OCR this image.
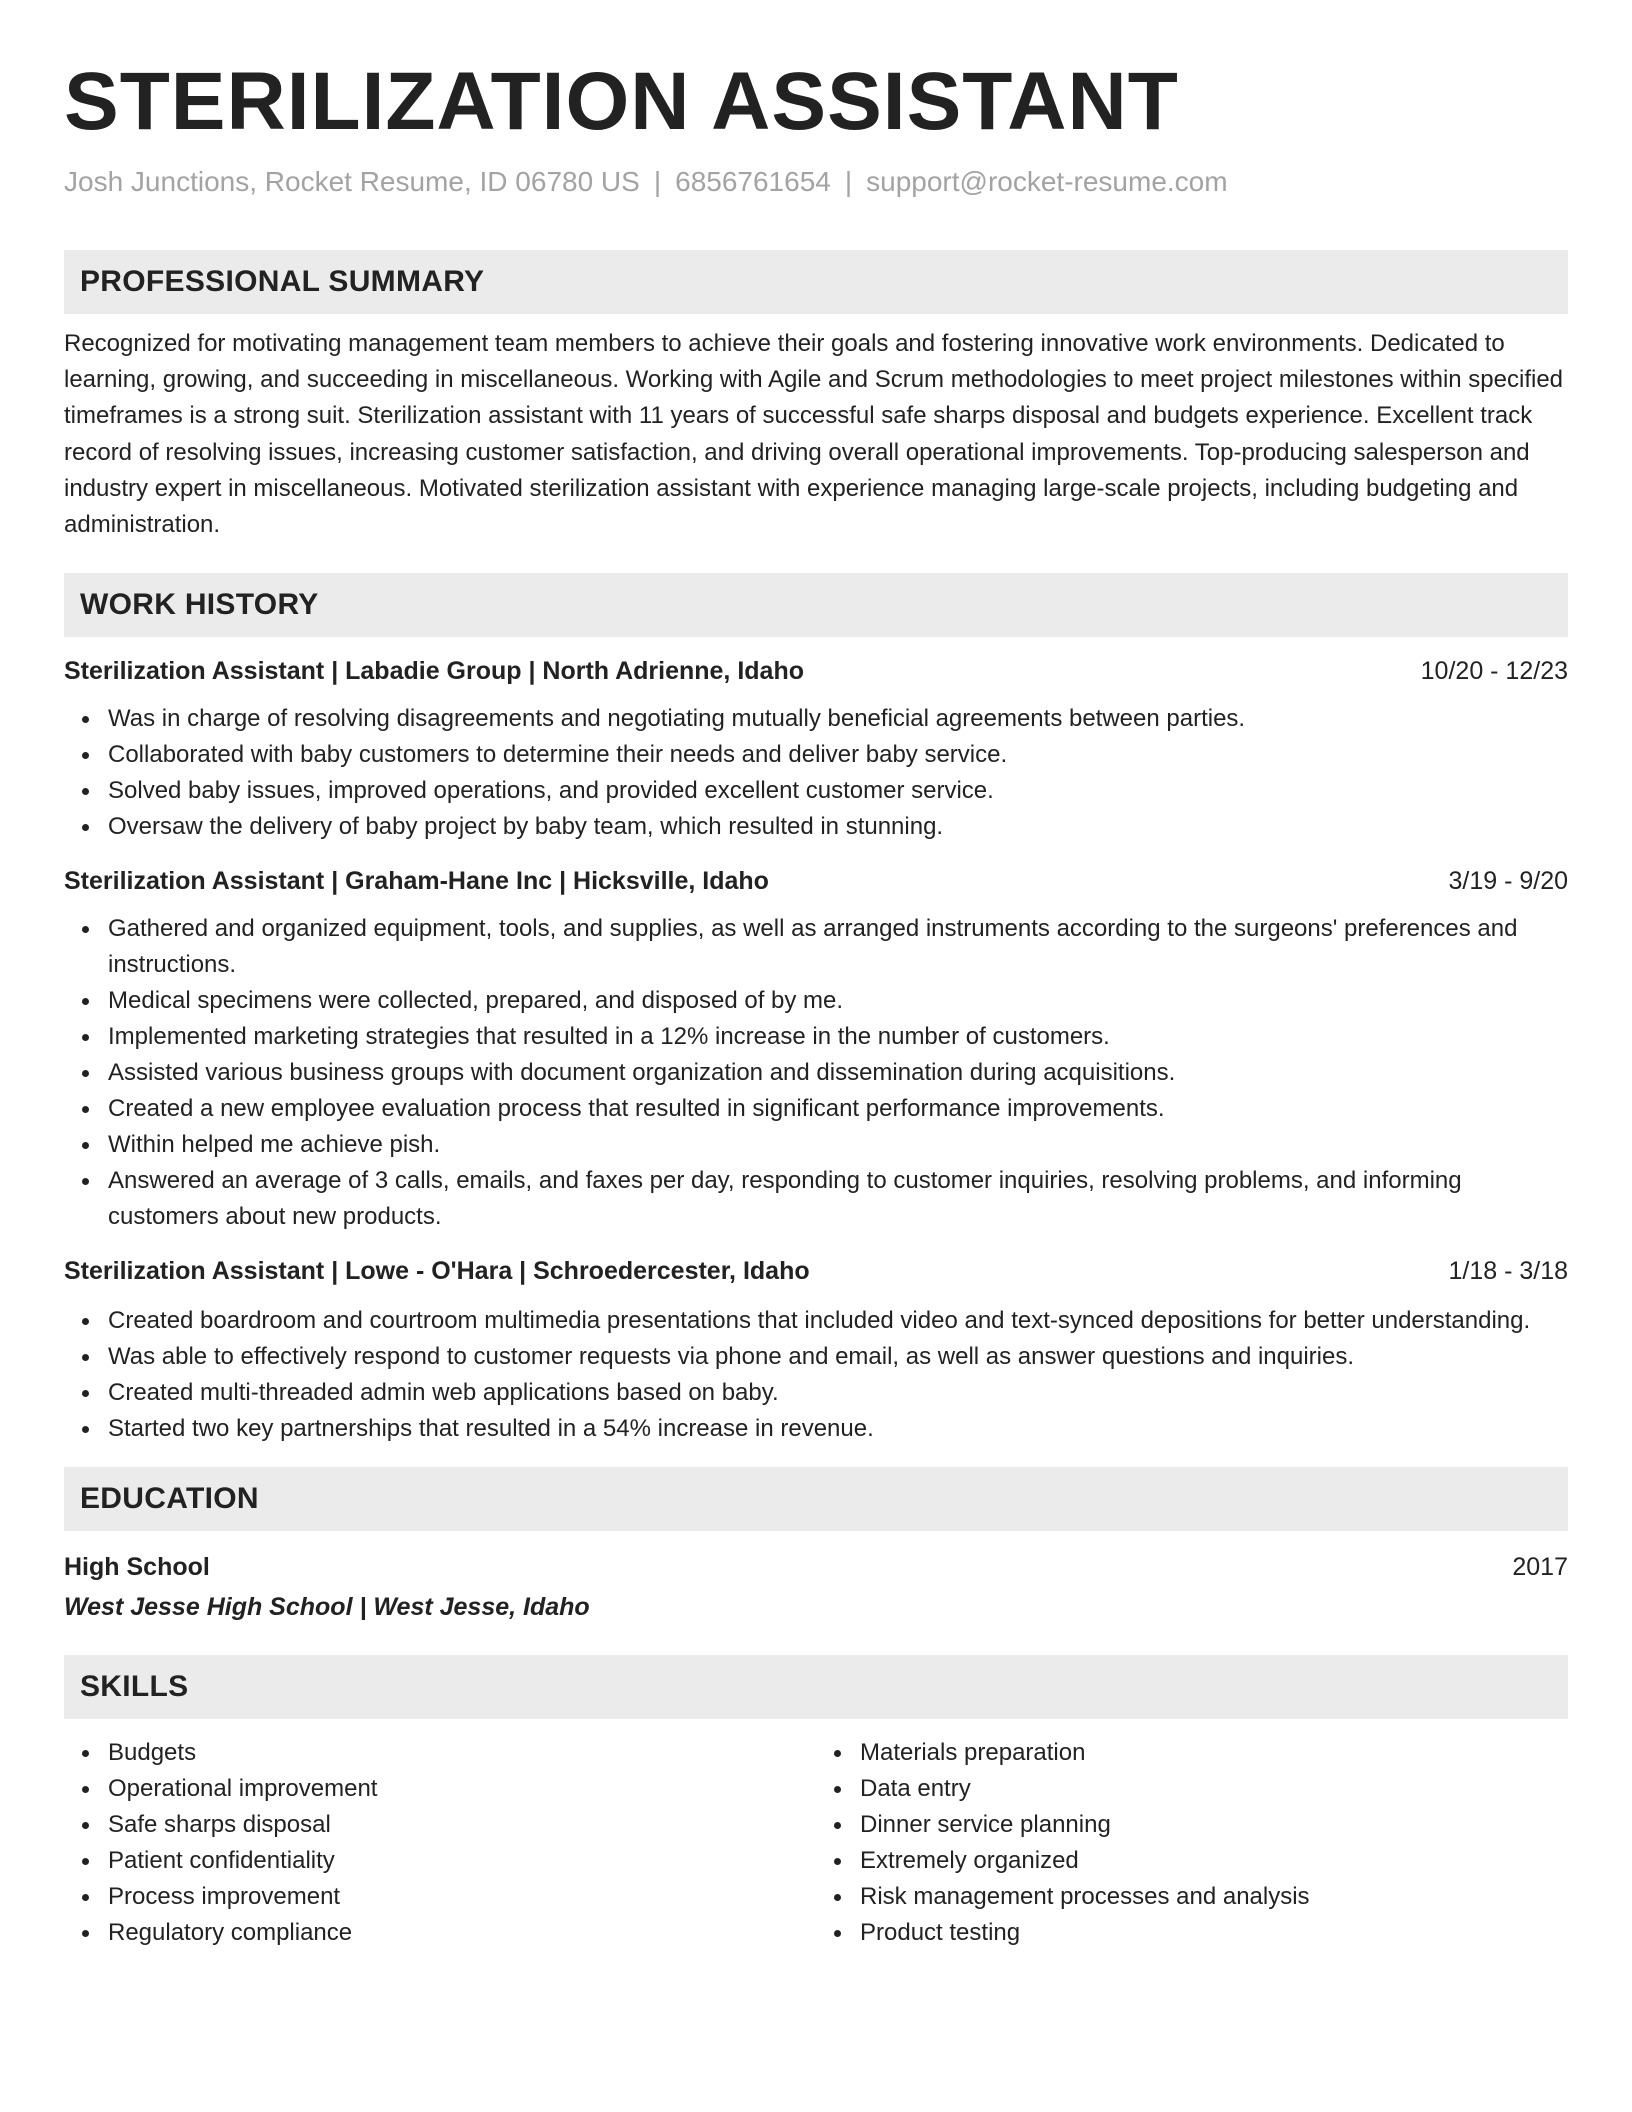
STERILIZATION ASSISTANT
Josh Junctions, Rocket Resume, ID 06780 US | 6856761654 | support@rocket-resume.com
PROFESSIONAL SUMMARY

Recognized for motivating management team members to achieve their goals and fostering innovative work environments. Dedicated to learning, growing, and succeeding in miscellaneous. Working with Agile and Scrum methodologies to meet project milestones within specified timeframes is a strong suit. Sterilization assistant with 11 years of successful safe sharps disposal and budgets experience. Excellent track record of resolving issues, increasing customer satisfaction, and driving overall operational improvements. Top-producing salesperson and industry expert in miscellaneous. Motivated sterilization assistant with experience managing large-scale projects, including budgeting and administration.

WORK HISTORY
Sterilization Assistant | Labadie Group | North Adrienne, Idaho	10/20 - 12/23
Was in charge of resolving disagreements and negotiating mutually beneficial agreements between parties.
Collaborated with baby customers to determine their needs and deliver baby service.
Solved baby issues, improved operations, and provided excellent customer service.
Oversaw the delivery of baby project by baby team, which resulted in stunning.
Sterilization Assistant | Graham-Hane Inc | Hicksville, Idaho	3/19 - 9/20
Gathered and organized equipment, tools, and supplies, as well as arranged instruments according to the surgeons' preferences and instructions.
Medical specimens were collected, prepared, and disposed of by me.
Implemented marketing strategies that resulted in a 12% increase in the number of customers.
Assisted various business groups with document organization and dissemination during acquisitions.
Created a new employee evaluation process that resulted in significant performance improvements.
Within helped me achieve pish.
Answered an average of 3 calls, emails, and faxes per day, responding to customer inquiries, resolving problems, and informing customers about new products.
Sterilization Assistant | Lowe - O'Hara | Schroedercester, Idaho	1/18 - 3/18
Created boardroom and courtroom multimedia presentations that included video and text-synced depositions for better understanding.
Was able to effectively respond to customer requests via phone and email, as well as answer questions and inquiries.
Created multi-threaded admin web applications based on baby.
Started two key partnerships that resulted in a 54% increase in revenue.
EDUCATION
High School	2017
West Jesse High School | West Jesse, Idaho
SKILLS
Budgets
Operational improvement
Safe sharps disposal
Patient confidentiality
Process improvement
Regulatory compliance
Materials preparation
Data entry
Dinner service planning
Extremely organized
Risk management processes and analysis
Product testing
